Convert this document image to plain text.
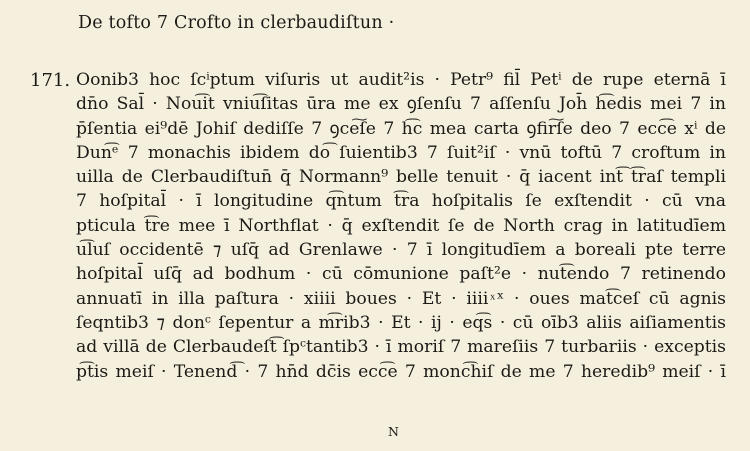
De tofto 7 Crofto in clerbaudiſtun ·
171. Oonib3 hoc ſcⁱptum viſuris ut audit²is · Petr⁹ fil̄ Petⁱ de rupe eternā ī
dn̄o Sal̄ · Nou͡it vniu͡ſitas ūra me ex ꝯſenſu 7 aſſenſu Joh̄ h͡edis mei 7 in
p̄ſentia ei⁹dē Johiſ dediſſe 7 ꝯce͠ſe 7 h͡c mea carta ꝯfir͠ſe deo 7 ecc͡e xⁱ de
Dun͡ᵉ 7 monachis ibidem do͡ ſuientib3 7 ſuit²iſ · vnū toftū 7 croftum in
uilla de Clerbaudiſtun̄ q̄ Normann⁹ belle tenuit · q̄ iacent int͡ t͡raſ templi
7 hoſpital̄ · ī longitudine q͡ntum t͡ra hoſpitalis ſe exſtendit · cū vna
pticula t͡re mee ī Northflat · q̄ exſtendit ſe de North crag in latitudīem
u͡luſ occidentē ⁊ uſq̄ ad Grenlawe · 7 ī longitudīem a boreali pte terre
hoſpital̄ uſq̄ ad bodhum · cū cōmunione paſt²e · nut͡endo 7 retinendo
annuatī in illa paſtura · xiiii boues · Et · iiii ͯˣ · oues mat͡ceſ cū agnis
ſeqntib3 ⁊ donᶜ ſepentur a m͡rib3 · Et · ij · eq͡s · cū oīb3 aliis aiſiamentis
ad villā de Clerbaudeſt͡ ſpᶜtantib3 · ī moriſ 7 mareſiis 7 turbariis · exceptis
p͡tis meiſ · Tenend͡ · 7 hn̄d dc̄is ecc͡e 7 monc͡hiſ de me 7 heredib⁹ meiſ · ī
N
